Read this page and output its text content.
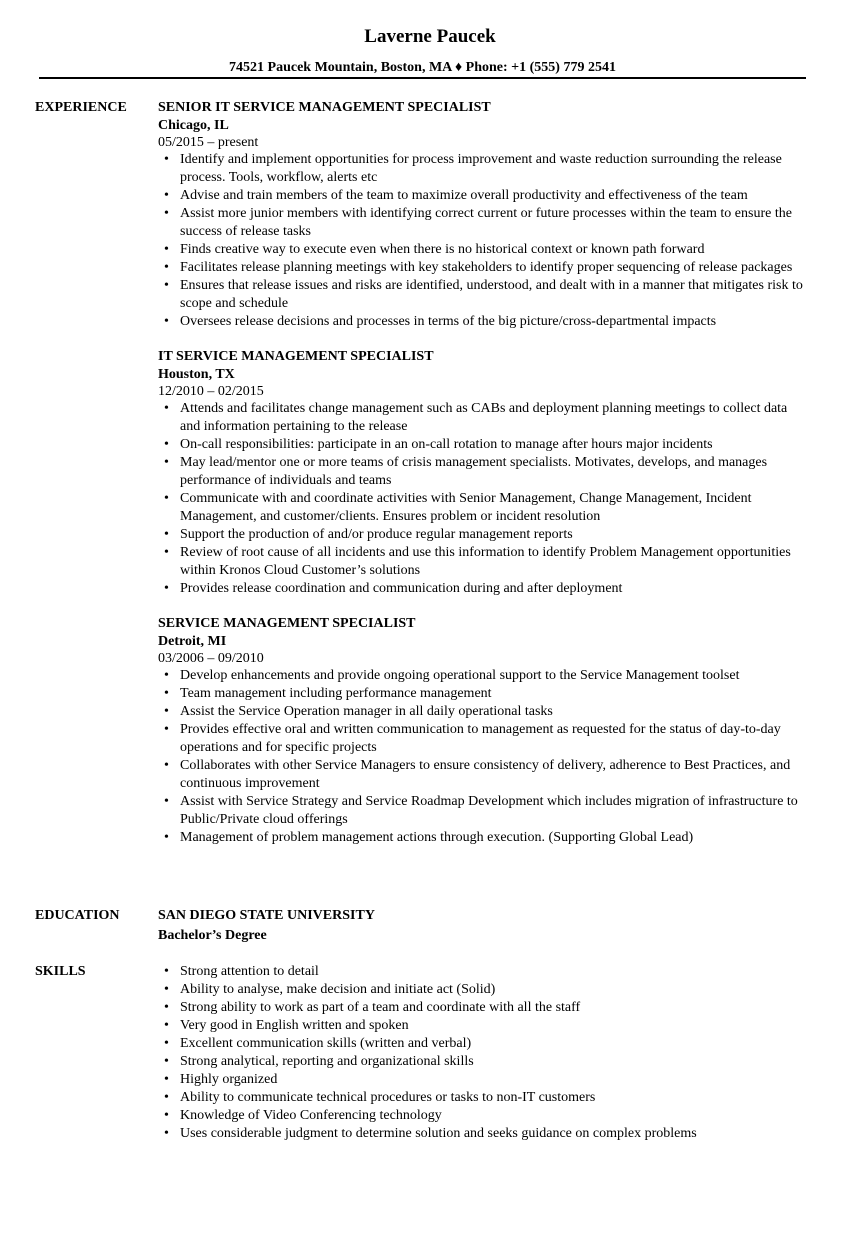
Laverne Paucek
74521 Paucek Mountain, Boston, MA ♦ Phone: +1 (555) 779 2541
EXPERIENCE SENIOR IT SERVICE MANAGEMENT SPECIALIST
Chicago, IL
05/2015 – present
• Identify and implement opportunities for process improvement and waste reduction surrounding the release process. Tools, workflow, alerts etc
• Advise and train members of the team to maximize overall productivity and effectiveness of the team
• Assist more junior members with identifying correct current or future processes within the team to ensure the success of release tasks
• Finds creative way to execute even when there is no historical context or known path forward
• Facilitates release planning meetings with key stakeholders to identify proper sequencing of release packages
• Ensures that release issues and risks are identified, understood, and dealt with in a manner that mitigates risk to scope and schedule
• Oversees release decisions and processes in terms of the big picture/cross-departmental impacts
IT SERVICE MANAGEMENT SPECIALIST
Houston, TX
12/2010 – 02/2015
• Attends and facilitates change management such as CABs and deployment planning meetings to collect data and information pertaining to the release
• On-call responsibilities: participate in an on-call rotation to manage after hours major incidents
• May lead/mentor one or more teams of crisis management specialists. Motivates, develops, and manages performance of individuals and teams
• Communicate with and coordinate activities with Senior Management, Change Management, Incident Management, and customer/clients. Ensures problem or incident resolution
• Support the production of and/or produce regular management reports
• Review of root cause of all incidents and use this information to identify Problem Management opportunities within Kronos Cloud Customer’s solutions
• Provides release coordination and communication during and after deployment
SERVICE MANAGEMENT SPECIALIST
Detroit, MI
03/2006 – 09/2010
• Develop enhancements and provide ongoing operational support to the Service Management toolset
• Team management including performance management
• Assist the Service Operation manager in all daily operational tasks
• Provides effective oral and written communication to management as requested for the status of day-to-day operations and for specific projects
• Collaborates with other Service Managers to ensure consistency of delivery, adherence to Best Practices, and continuous improvement
• Assist with Service Strategy and Service Roadmap Development which includes migration of infrastructure to Public/Private cloud offerings
• Management of problem management actions through execution. (Supporting Global Lead)
EDUCATION	SAN DIEGO STATE UNIVERSITY
Bachelor’s Degree
SKILLS
•	Strong attention to detail
• Ability to analyse, make decision and initiate act (Solid)
• Strong ability to work as part of a team and coordinate with all the staff
• Very good in English written and spoken
• Excellent communication skills (written and verbal)
• Strong analytical, reporting and organizational skills
• Highly organized
• Ability to communicate technical procedures or tasks to non-IT customers
• Knowledge of Video Conferencing technology
• Uses considerable judgment to determine solution and seeks guidance on complex problems
